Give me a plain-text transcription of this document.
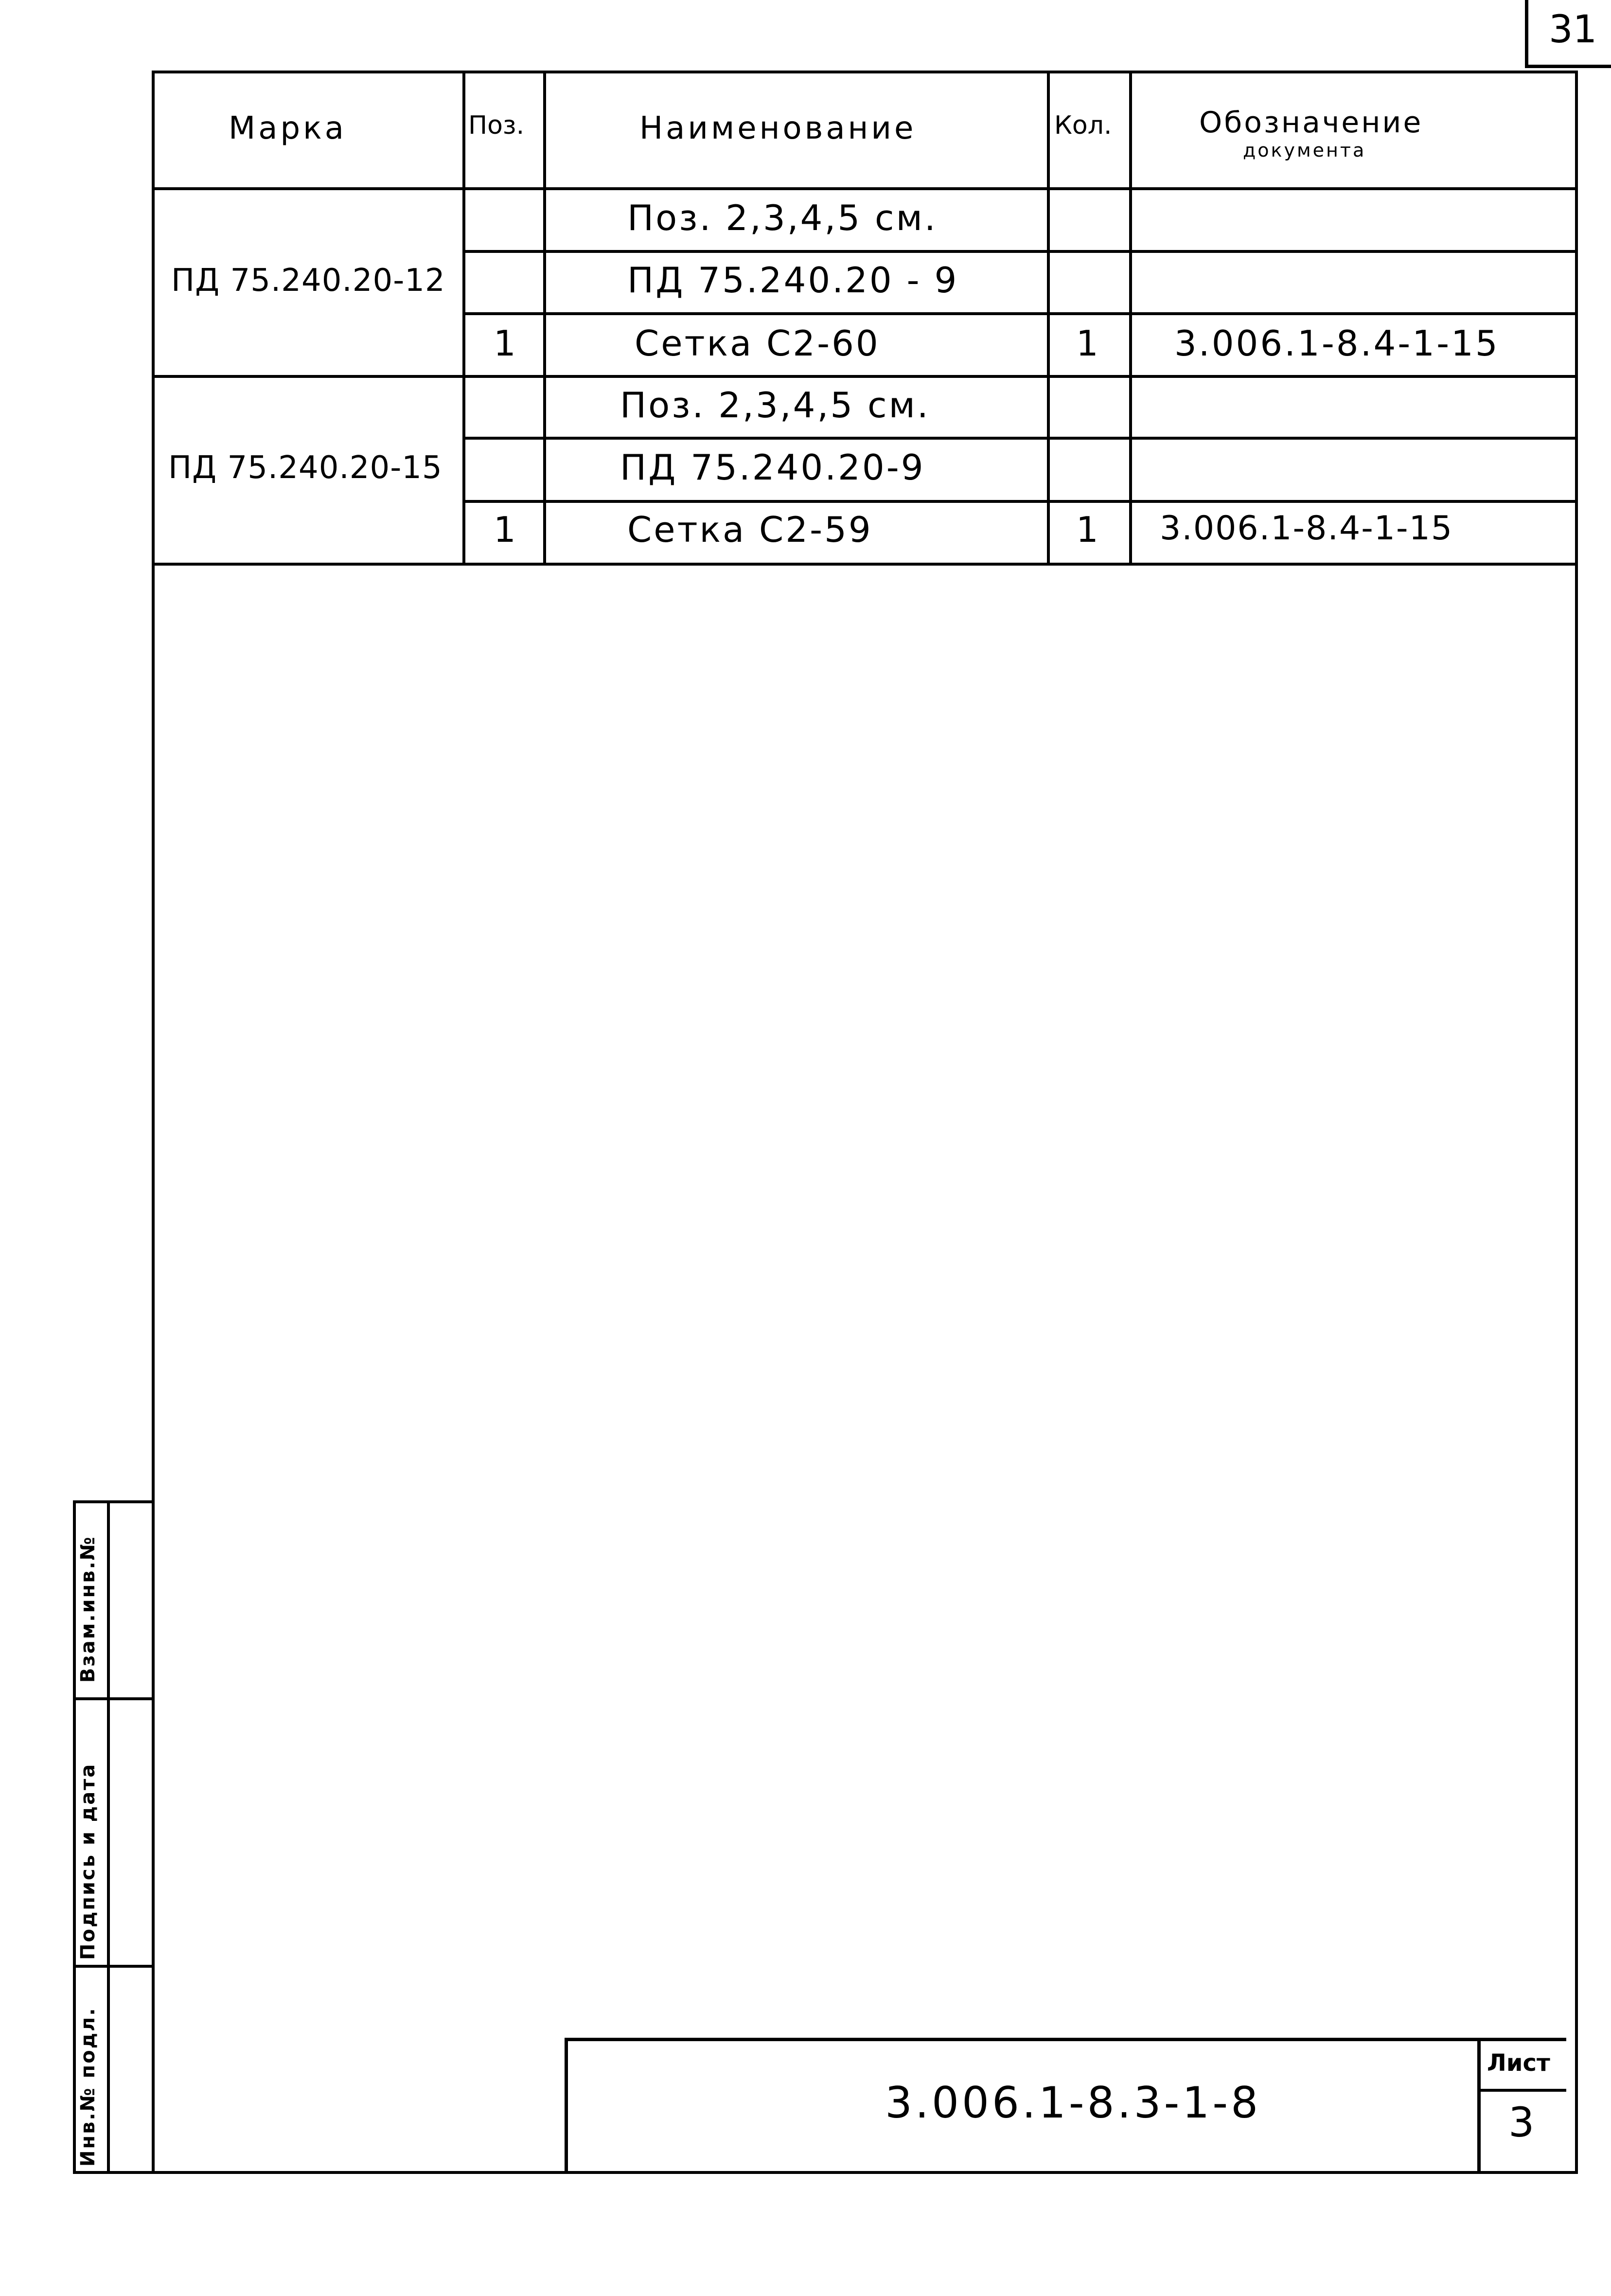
31
Марка	Поз.	Наименование	Кол.	Обозначение
документа
ПД 75.240.20-12
Поз. 2,3,4,5 см.
ПД 75.240.20 - 9
1	Сетка С2-60	1 3.006.1-8.4-1-15
ПД 75.240.20-15
Поз. 2,3,4,5 см.
ПД 75.240.20-9
1	Сетка С2-59	1 3.006.1-8.4-1-15
Взам.инв.№
Подпись и дата
Инв.№ подл.	3.006.1-8.3-1-8
Лист
3
